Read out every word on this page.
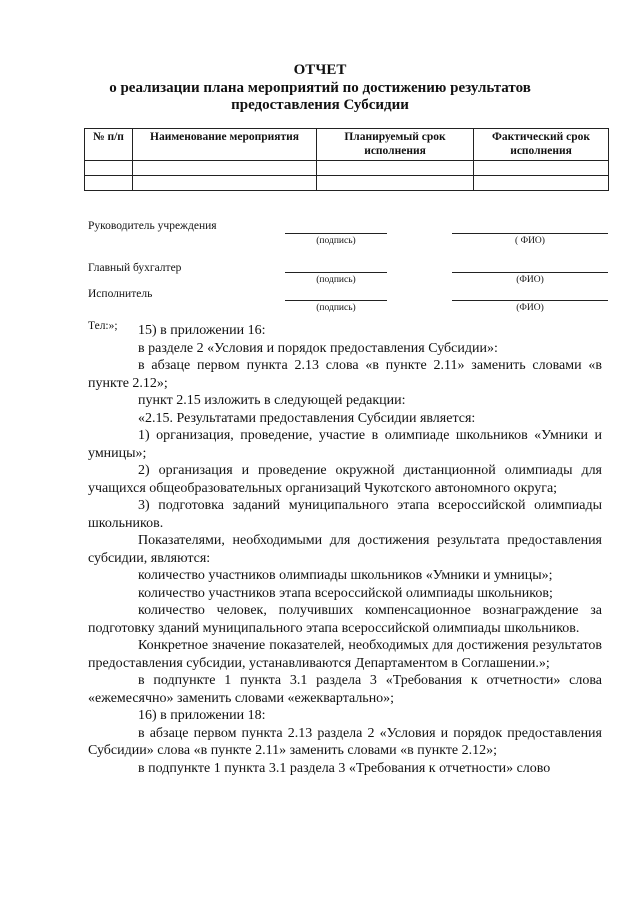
ОТЧЕТ
о реализации плана мероприятий по достижению результатов
предоставления Субсидии
№ п/п	Наименование мероприятия	Планируемый срок исполнения	Фактический срок исполнения

Руководитель учреждения
(подпись)	( ФИО)
Главный бухгалтер
(подпись)	(ФИО)
Исполнитель
(подпись)	(ФИО)
Тел:»;	15) в приложении 16:

в разделе 2 «Условия и порядок предоставления Субсидии»:

в абзаце первом пункта 2.13 слова «в пункте 2.11» заменить словами «в пункте 2.12»;

пункт 2.15 изложить в следующей редакции:

«2.15. Результатами предоставления Субсидии является:

1) организация, проведение, участие в олимпиаде школьников «Умники и умницы»;

2) организация и проведение окружной дистанционной олимпиады для учащихся общеобразовательных организаций Чукотского автономного округа;

3) подготовка заданий муниципального этапа всероссийской олимпиады школьников.

Показателями, необходимыми для достижения результата предоставления субсидии, являются:

количество участников олимпиады школьников «Умники и умницы»;

количество участников этапа всероссийской олимпиады школьников;

количество человек, получивших компенсационное вознаграждение за подготовку зданий муниципального этапа всероссийской олимпиады школьников.

Конкретное значение показателей, необходимых для достижения результатов предоставления субсидии, устанавливаются Департаментом в Соглашении.»;

в подпункте 1 пункта 3.1 раздела 3 «Требования к отчетности» слова «ежемесячно» заменить словами «ежеквартально»;

16) в приложении 18:

в абзаце первом пункта 2.13 раздела 2 «Условия и порядок предоставления Субсидии» слова «в пункте 2.11» заменить словами «в пункте 2.12»;

в подпункте 1 пункта 3.1 раздела 3 «Требования к отчетности» слово
